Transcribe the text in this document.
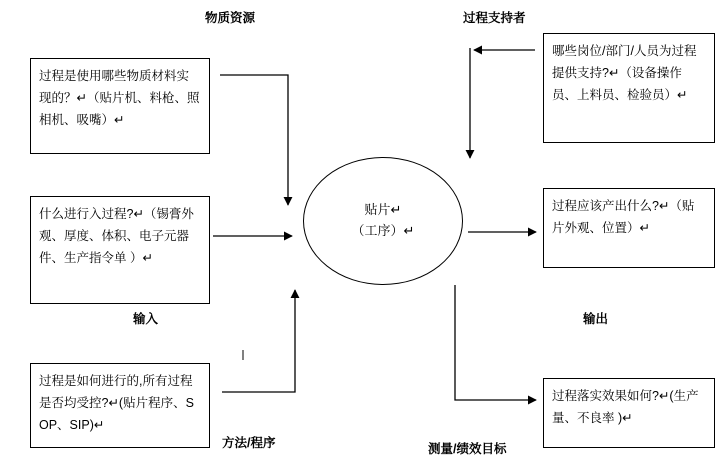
物质资源	过程支持者
输入	输出
方法/程序	测量/绩效目标
过程是使用哪些物质材料实现的？↵（贴片机、料枪、照相机、吸嘴）↵
什么进行入过程?↵（锡膏外观、厚度、体积、电子元器件、生产指令单 ）↵
过程是如何进行的,所有过程是否均受控?↵(贴片程序、SOP、SIP)↵
哪些岗位/部门/人员为过程提供支持?↵（设备操作员、上料员、检验员）↵
过程应该产出什么?↵（贴片外观、位置）↵
过程落实效果如何?↵(生产量、不良率 )↵
贴片↵
（工序）↵
